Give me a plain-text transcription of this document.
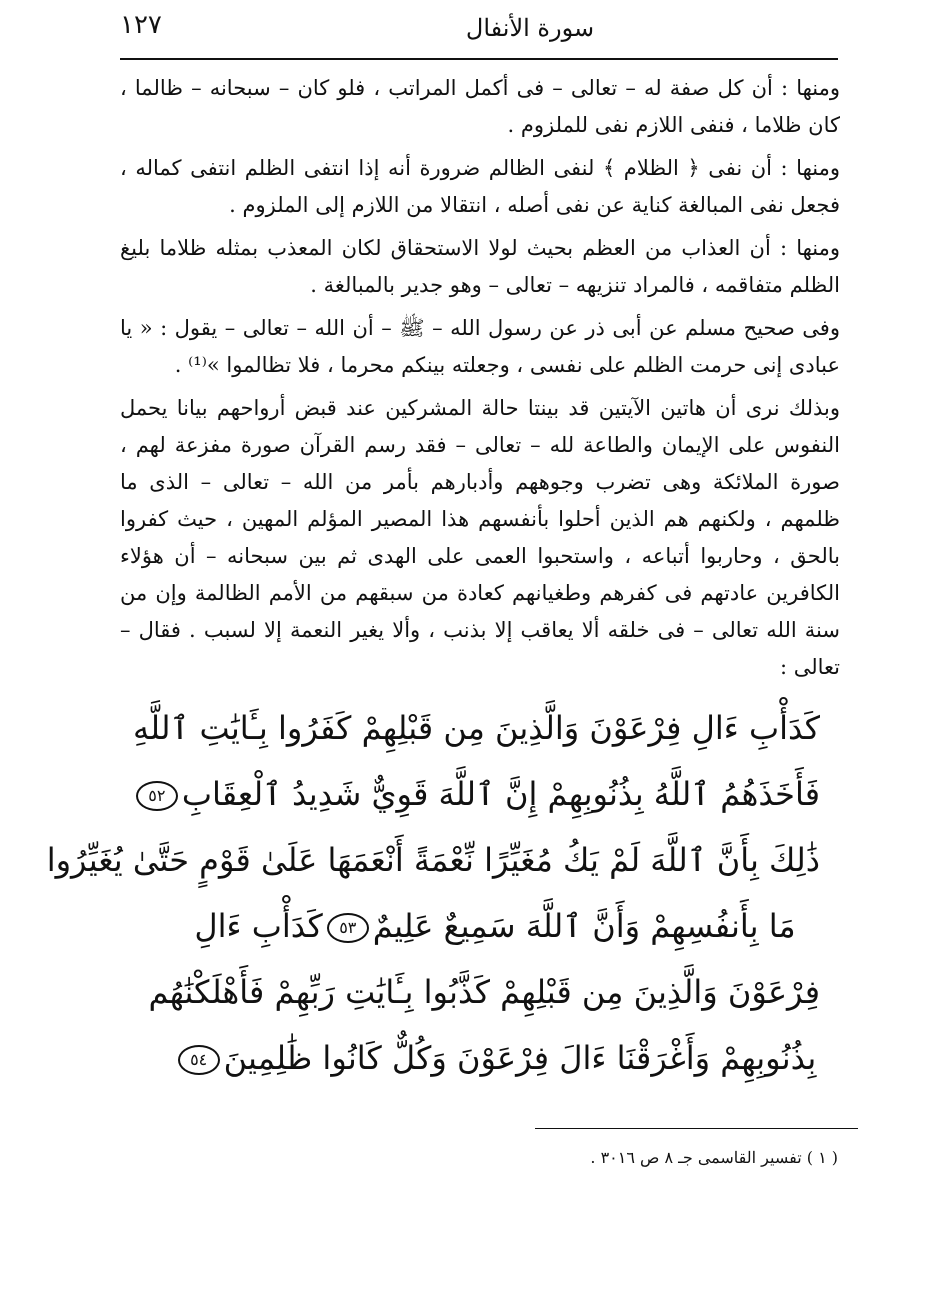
سورة الأنفال
١٢٧

ومنها : أن كل صفة له – تعالى – فى أكمل المراتب ، فلو كان – سبحانه – ظالما ، كان ظلاما ، فنفى اللازم نفى للملزوم .

ومنها : أن نفى ﴿ الظلام ﴾ لنفى الظالم ضرورة أنه إذا انتفى الظلم انتفى كماله ، فجعل نفى المبالغة كناية عن نفى أصله ، انتقالا من اللازم إلى الملزوم .

ومنها : أن العذاب من العظم بحيث لولا الاستحقاق لكان المعذب بمثله ظلاما بليغ الظلم متفاقمه ، فالمراد تنزيهه – تعالى – وهو جدير بالمبالغة .

وفى صحيح مسلم عن أبى ذر عن رسول الله – ﷺ – أن الله – تعالى – يقول : « يا عبادى إنى حرمت الظلم على نفسى ، وجعلته بينكم محرما ، فلا تظالموا »⁽¹⁾ .

وبذلك نرى أن هاتين الآيتين قد بينتا حالة المشركين عند قبض أرواحهم بيانا يحمل النفوس على الإيمان والطاعة لله – تعالى – فقد رسم القرآن صورة مفزعة لهم ، صورة الملائكة وهى تضرب وجوههم وأدبارهم بأمر من الله – تعالى – الذى ما ظلمهم ، ولكنهم هم الذين أحلوا بأنفسهم هذا المصير المؤلم المهين ، حيث كفروا بالحق ، وحاربوا أتباعه ، واستحبوا العمى على الهدى ثم بين سبحانه – أن هؤلاء الكافرين عادتهم فى كفرهم وطغيانهم كعادة من سبقهم من الأمم الظالمة وإن من سنة الله تعالى – فى خلقه ألا يعاقب إلا بذنب ، وألا يغير النعمة إلا لسبب . فقال – تعالى :

كَدَأْبِ ءَالِ فِرْعَوْنَ وَالَّذِينَ مِن قَبْلِهِمْ كَفَرُوا بِـَٔايَٰتِ ٱللَّهِ
فَأَخَذَهُمُ ٱللَّهُ بِذُنُوبِهِمْ إِنَّ ٱللَّهَ قَوِيٌّ شَدِيدُ ٱلْعِقَابِ٥٢
ذَٰلِكَ بِأَنَّ ٱللَّهَ لَمْ يَكُ مُغَيِّرًا نِّعْمَةً أَنْعَمَهَا عَلَىٰ قَوْمٍ حَتَّىٰ يُغَيِّرُوا
مَا بِأَنفُسِهِمْ وَأَنَّ ٱللَّهَ سَمِيعٌ عَلِيمٌ٥٣كَدَأْبِ ءَالِ
فِرْعَوْنَ وَالَّذِينَ مِن قَبْلِهِمْ كَذَّبُوا بِـَٔايَٰتِ رَبِّهِمْ فَأَهْلَكْنَٰهُم
بِذُنُوبِهِمْ وَأَغْرَقْنَا ءَالَ فِرْعَوْنَ وَكُلٌّ كَانُوا ظَٰلِمِينَ٥٤
( ١ ) تفسير القاسمى جـ ٨ ص ٣٠١٦ .
